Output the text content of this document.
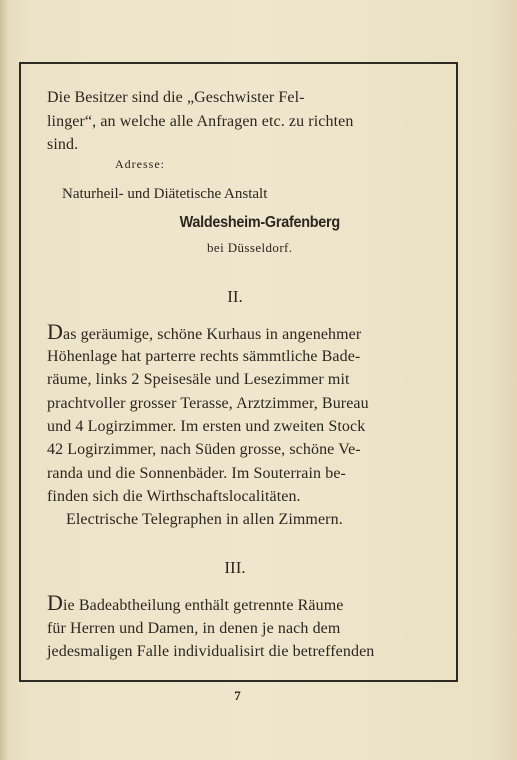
Die Besitzer sind die „Geschwister Fel-

linger“, an welche alle Anfragen etc. zu richten

sind.

Adresse:
Naturheil- und Diätetische Anstalt
Waldesheim-Grafenberg
bei Düsseldorf.
II.

Das geräumige, schöne Kurhaus in angenehmer

Höhenlage hat parterre rechts sämmtliche Bade-

räume, links 2 Speisesäle und Lesezimmer mit

prachtvoller grosser Terasse, Arztzimmer, Bureau

und 4 Logirzimmer. Im ersten und zweiten Stock

42 Logirzimmer, nach Süden grosse, schöne Ve-

randa und die Sonnenbäder. Im Souterrain be-

finden sich die Wirthschaftslocalitäten.

Electrische Telegraphen in allen Zimmern.

III.

Die Badeabtheilung enthält getrennte Räume

für Herren und Damen, in denen je nach dem

jedesmaligen Falle individualisirt die betreffenden

7
